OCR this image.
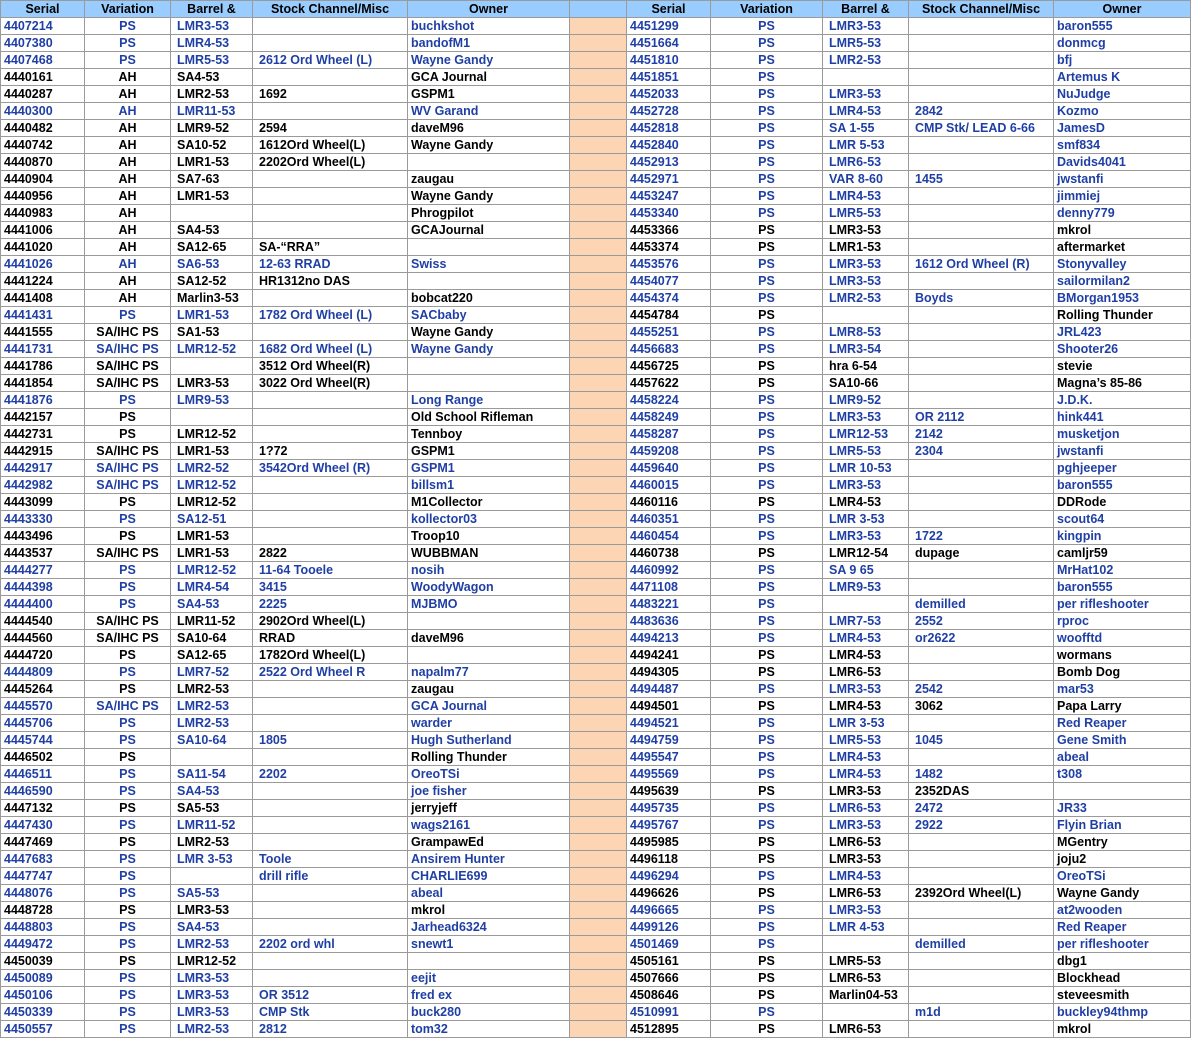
Serial	Variation	Barrel &	Stock Channel/Misc	Owner		Serial	Variation	Barrel &	Stock Channel/Misc	Owner
4407214	PS	LMR3-53		buchkshot		4451299	PS	LMR3-53		baron555
4407380	PS	LMR4-53		bandofM1		4451664	PS	LMR5-53		donmcg
4407468	PS	LMR5-53	2612 Ord Wheel (L)	Wayne Gandy		4451810	PS	LMR2-53		bfj
4440161	AH	SA4-53		GCA Journal		4451851	PS			Artemus K
4440287	AH	LMR2-53	1692	GSPM1		4452033	PS	LMR3-53		NuJudge
4440300	AH	LMR11-53		WV Garand		4452728	PS	LMR4-53	2842	Kozmo
4440482	AH	LMR9-52	2594	daveM96		4452818	PS	SA 1-55	CMP Stk/ LEAD 6-66	JamesD
4440742	AH	SA10-52	1612Ord Wheel(L)	Wayne Gandy		4452840	PS	LMR 5-53		smf834
4440870	AH	LMR1-53	2202Ord Wheel(L)			4452913	PS	LMR6-53		Davids4041
4440904	AH	SA7-63		zaugau		4452971	PS	VAR 8-60	1455	jwstanfi
4440956	AH	LMR1-53		Wayne Gandy		4453247	PS	LMR4-53		jimmiej
4440983	AH			Phrogpilot		4453340	PS	LMR5-53		denny779
4441006	AH	SA4-53		GCAJournal		4453366	PS	LMR3-53		mkrol
4441020	AH	SA12-65	SA-“RRA”			4453374	PS	LMR1-53		aftermarket
4441026	AH	SA6-53	12-63 RRAD	Swiss		4453576	PS	LMR3-53	1612 Ord Wheel (R)	Stonyvalley
4441224	AH	SA12-52	HR1312no DAS			4454077	PS	LMR3-53		sailormilan2
4441408	AH	Marlin3-53		bobcat220		4454374	PS	LMR2-53	Boyds	BMorgan1953
4441431	PS	LMR1-53	1782 Ord Wheel (L)	SACbaby		4454784	PS			Rolling Thunder
4441555	SA/IHC PS	SA1-53		Wayne Gandy		4455251	PS	LMR8-53		JRL423
4441731	SA/IHC PS	LMR12-52	1682 Ord Wheel (L)	Wayne Gandy		4456683	PS	LMR3-54		Shooter26
4441786	SA/IHC PS		3512 Ord Wheel(R)			4456725	PS	hra 6-54		stevie
4441854	SA/IHC PS	LMR3-53	3022 Ord Wheel(R)			4457622	PS	SA10-66		Magna’s 85-86
4441876	PS	LMR9-53		Long Range		4458224	PS	LMR9-52		J.D.K.
4442157	PS			Old School Rifleman		4458249	PS	LMR3-53	OR 2112	hink441
4442731	PS	LMR12-52		Tennboy		4458287	PS	LMR12-53	2142	musketjon
4442915	SA/IHC PS	LMR1-53	1?72	GSPM1		4459208	PS	LMR5-53	2304	jwstanfi
4442917	SA/IHC PS	LMR2-52	3542Ord Wheel (R)	GSPM1		4459640	PS	LMR 10-53		pghjeeper
4442982	SA/IHC PS	LMR12-52		billsm1		4460015	PS	LMR3-53		baron555
4443099	PS	LMR12-52		M1Collector		4460116	PS	LMR4-53		DDRode
4443330	PS	SA12-51		kollector03		4460351	PS	LMR 3-53		scout64
4443496	PS	LMR1-53		Troop10		4460454	PS	LMR3-53	1722	kingpin
4443537	SA/IHC PS	LMR1-53	2822	WUBBMAN		4460738	PS	LMR12-54	dupage	camljr59
4444277	PS	LMR12-52	11-64 Tooele	nosih		4460992	PS	SA 9 65		MrHat102
4444398	PS	LMR4-54	3415	WoodyWagon		4471108	PS	LMR9-53		baron555
4444400	PS	SA4-53	2225	MJBMO		4483221	PS		demilled	per rifleshooter
4444540	SA/IHC PS	LMR11-52	2902Ord Wheel(L)			4483636	PS	LMR7-53	2552	rproc
4444560	SA/IHC PS	SA10-64	RRAD	daveM96		4494213	PS	LMR4-53	or2622	woofftd
4444720	PS	SA12-65	1782Ord Wheel(L)			4494241	PS	LMR4-53		wormans
4444809	PS	LMR7-52	2522 Ord Wheel R	napalm77		4494305	PS	LMR6-53		Bomb Dog
4445264	PS	LMR2-53		zaugau		4494487	PS	LMR3-53	2542	mar53
4445570	SA/IHC PS	LMR2-53		GCA Journal		4494501	PS	LMR4-53	3062	Papa Larry
4445706	PS	LMR2-53		warder		4494521	PS	LMR 3-53		Red Reaper
4445744	PS	SA10-64	1805	Hugh Sutherland		4494759	PS	LMR5-53	1045	Gene Smith
4446502	PS			Rolling Thunder		4495547	PS	LMR4-53		abeal
4446511	PS	SA11-54	2202	OreoTSi		4495569	PS	LMR4-53	1482	t308
4446590	PS	SA4-53		joe fisher		4495639	PS	LMR3-53	2352DAS	
4447132	PS	SA5-53		jerryjeff		4495735	PS	LMR6-53	2472	JR33
4447430	PS	LMR11-52		wags2161		4495767	PS	LMR3-53	2922	Flyin Brian
4447469	PS	LMR2-53		GrampawEd		4495985	PS	LMR6-53		MGentry
4447683	PS	LMR 3-53	Toole	Ansirem Hunter		4496118	PS	LMR3-53		joju2
4447747	PS		drill rifle	CHARLIE699		4496294	PS	LMR4-53		OreoTSi
4448076	PS	SA5-53		abeal		4496626	PS	LMR6-53	2392Ord Wheel(L)	Wayne Gandy
4448728	PS	LMR3-53		mkrol		4496665	PS	LMR3-53		at2wooden
4448803	PS	SA4-53		Jarhead6324		4499126	PS	LMR 4-53		Red Reaper
4449472	PS	LMR2-53	2202 ord whl	snewt1		4501469	PS		demilled	per rifleshooter
4450039	PS	LMR12-52				4505161	PS	LMR5-53		dbg1
4450089	PS	LMR3-53		eejit		4507666	PS	LMR6-53		Blockhead
4450106	PS	LMR3-53	OR 3512	fred ex		4508646	PS	Marlin04-53		steveesmith
4450339	PS	LMR3-53	CMP Stk	buck280		4510991	PS		m1d	buckley94thmp
4450557	PS	LMR2-53	2812	tom32		4512895	PS	LMR6-53		mkrol
